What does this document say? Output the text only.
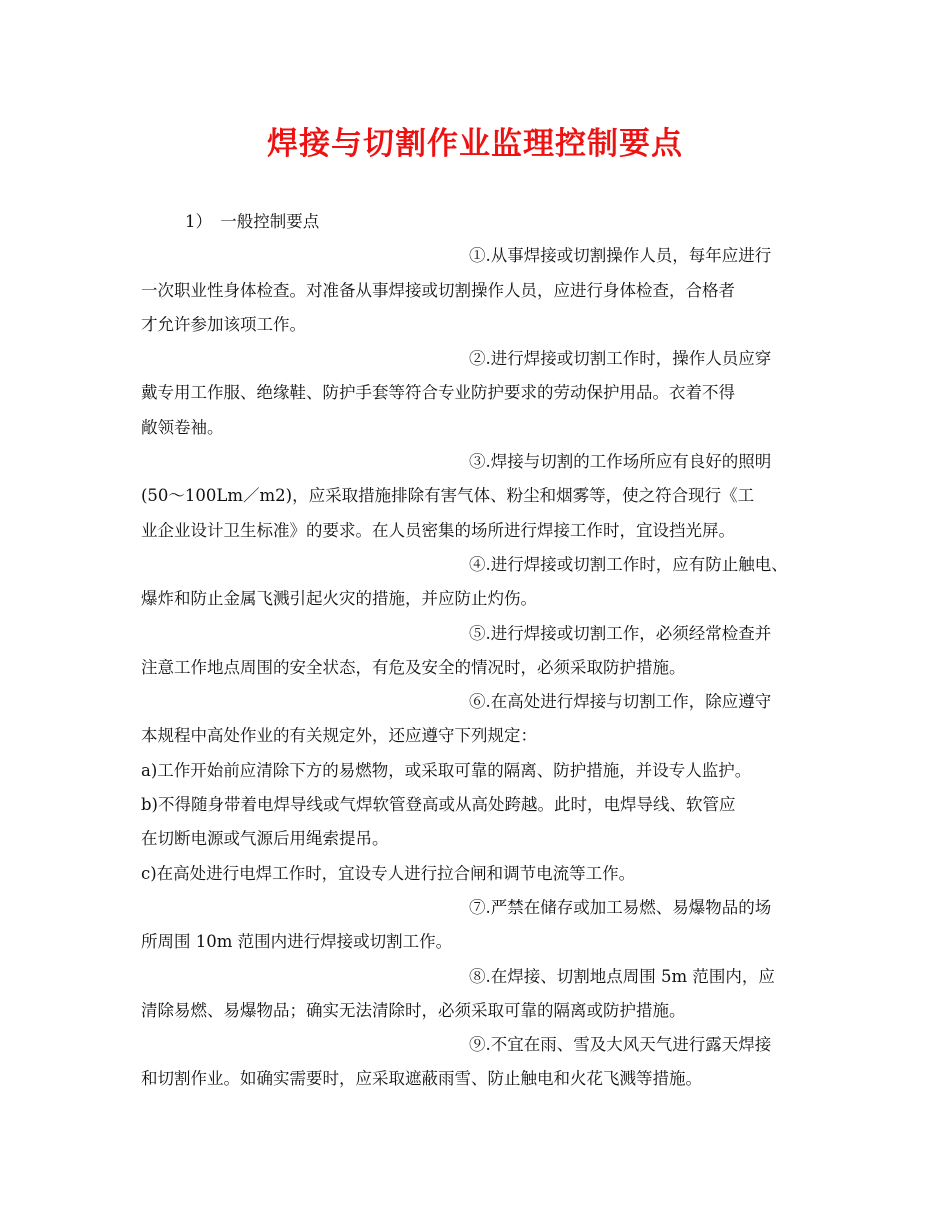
焊接与切割作业监理控制要点
1）　一般控制要点
①.从事焊接或切割操作人员，每年应进行
一次职业性身体检查。对准备从事焊接或切割操作人员，应进行身体检查，合格者
才允许参加该项工作。
②.进行焊接或切割工作时，操作人员应穿
戴专用工作服、绝缘鞋、防护手套等符合专业防护要求的劳动保护用品。衣着不得
敞领卷袖。
③.焊接与切割的工作场所应有良好的照明
(50～100Lm／m2)，应采取措施排除有害气体、粉尘和烟雾等，使之符合现行《工
业企业设计卫生标准》的要求。在人员密集的场所进行焊接工作时，宜设挡光屏。
④.进行焊接或切割工作时，应有防止触电、
爆炸和防止金属飞溅引起火灾的措施，并应防止灼伤。
⑤.进行焊接或切割工作，必须经常检查并
注意工作地点周围的安全状态，有危及安全的情况时，必须采取防护措施。
⑥.在高处进行焊接与切割工作，除应遵守
本规程中高处作业的有关规定外，还应遵守下列规定：
a)工作开始前应清除下方的易燃物，或采取可靠的隔离、防护措施，并设专人监护。
b)不得随身带着电焊导线或气焊软管登高或从高处跨越。此时，电焊导线、软管应
在切断电源或气源后用绳索提吊。
c)在高处进行电焊工作时，宜设专人进行拉合闸和调节电流等工作。
⑦.严禁在储存或加工易燃、易爆物品的场
所周围 10m 范围内进行焊接或切割工作。
⑧.在焊接、切割地点周围 5m 范围内，应
清除易燃、易爆物品；确实无法清除时，必须采取可靠的隔离或防护措施。
⑨.不宜在雨、雪及大风天气进行露天焊接
和切割作业。如确实需要时，应采取遮蔽雨雪、防止触电和火花飞溅等措施。
